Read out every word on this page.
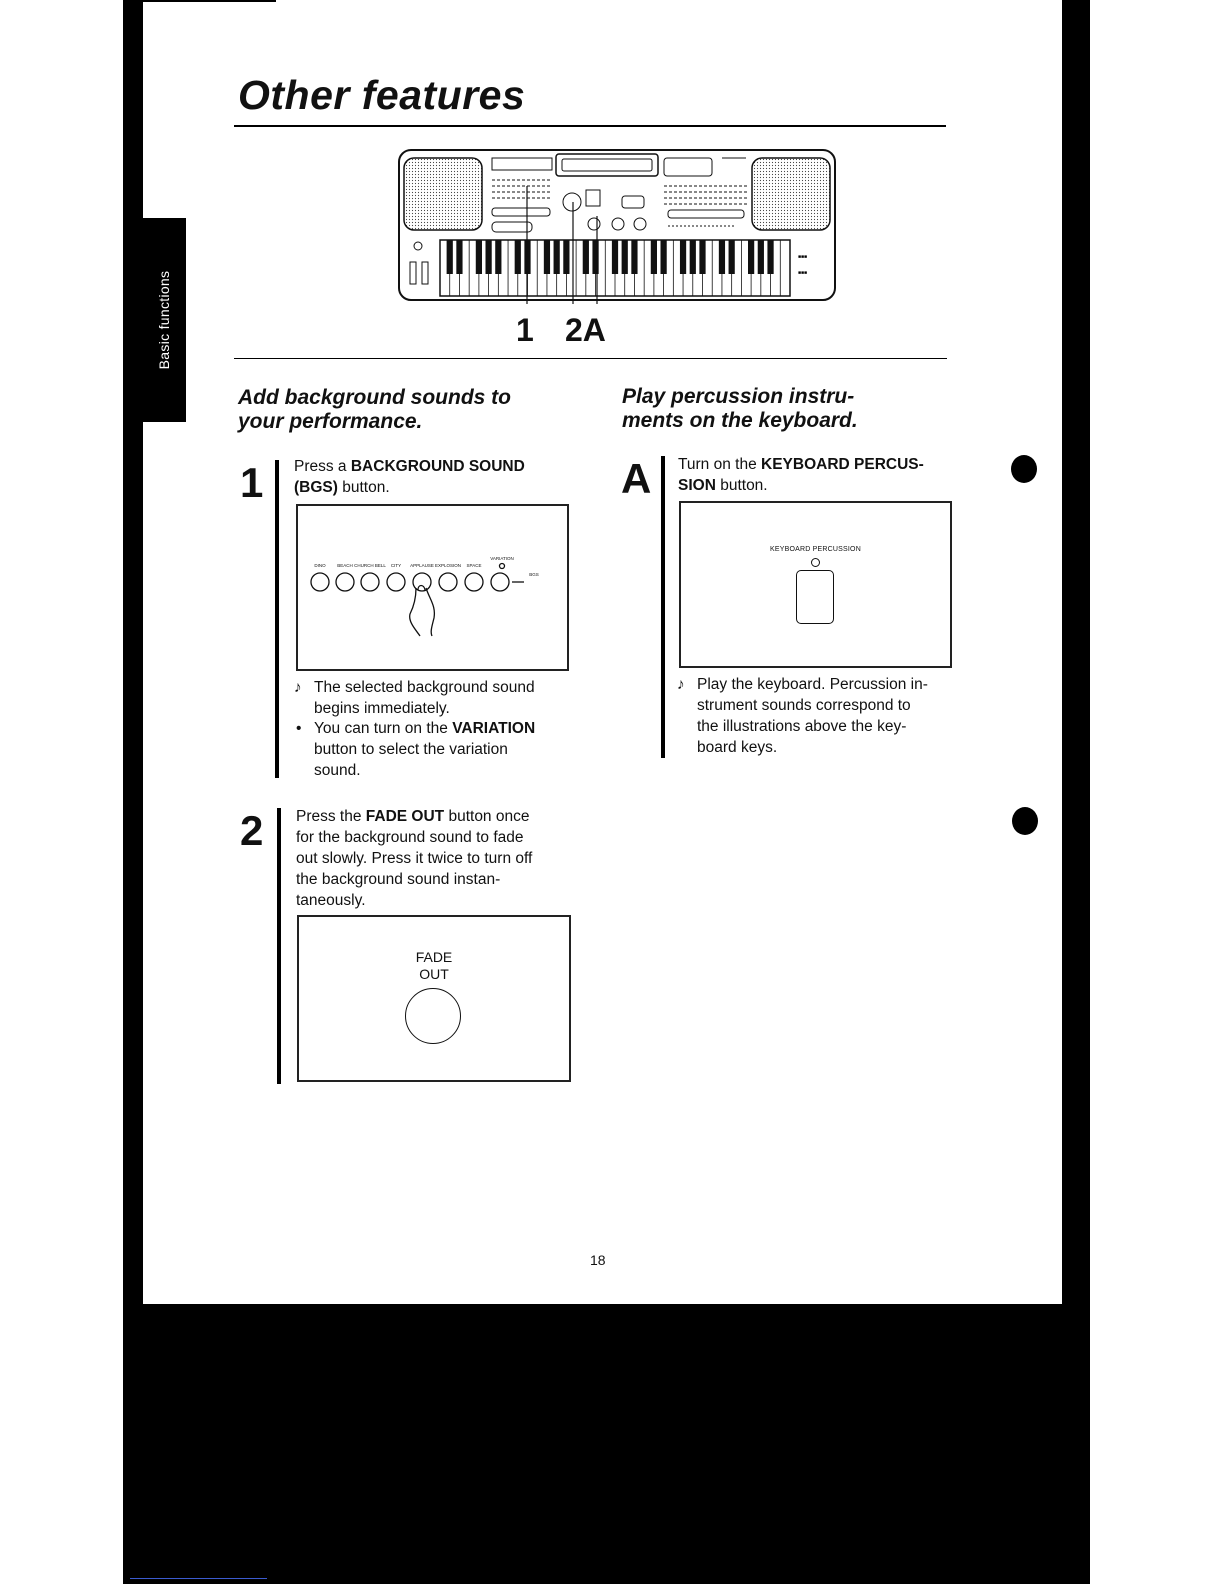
Basic functions
Other features
■■■
■■■
1 2A
Add background sounds to
your performance.
1 Press a BACKGROUND SOUND

(BGS) button.

DINO	BEACH CHURCH BELL CITY APPLAUSE EXPLOSION SPACE
VARIATION
BGS
♪ The selected background sound
begins immediately.
• You can turn on the VARIATION
button to select the variation
sound.
2 Press the FADE OUT button once

for the background sound to fade

out slowly. Press it twice to turn off

the background sound instan-

taneously.

FADE
OUT
Play percussion instru-
ments on the keyboard.
A Turn on the KEYBOARD PERCUS-

SION button.

KEYBOARD PERCUSSION
♪ Play the keyboard. Percussion in-
strument sounds correspond to
the illustrations above the key-
board keys.
18
